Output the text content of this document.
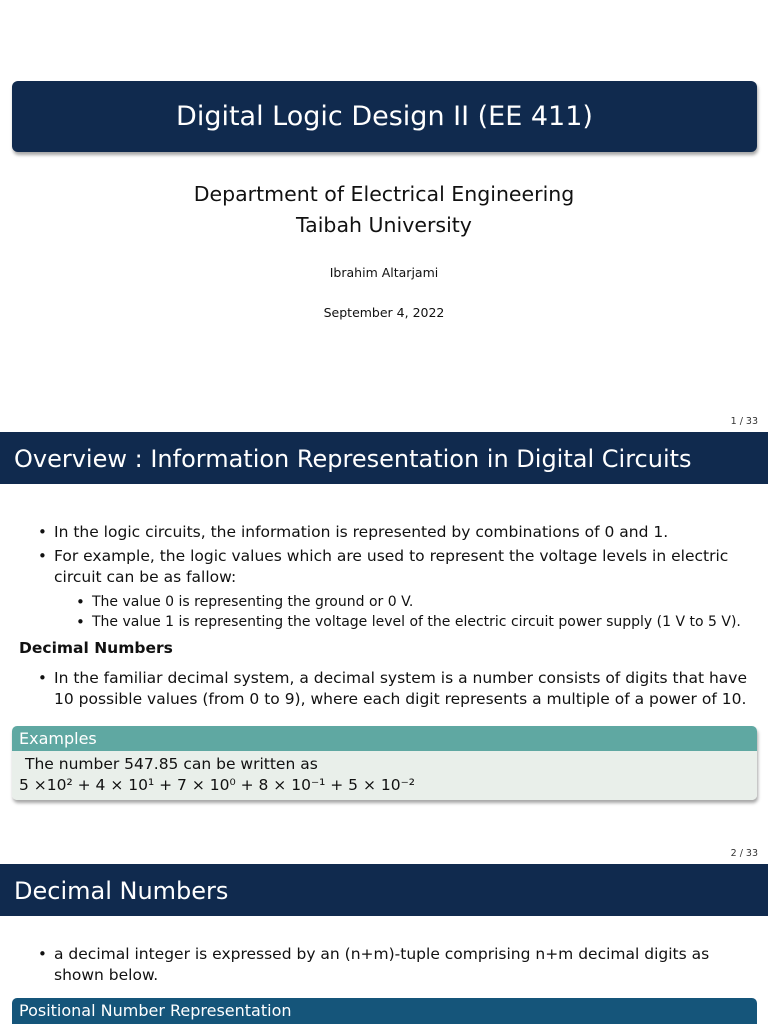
Digital Logic Design II (EE 411)
Department of Electrical Engineering
Taibah University
Ibrahim Altarjami
September 4, 2022
1 / 33
Overview : Information Representation in Digital Circuits
• In the logic circuits, the information is represented by combinations of 0 and 1.
• For example, the logic values which are used to represent the voltage levels in electric circuit can be as fallow:
• The value 0 is representing the ground or 0 V.
• The value 1 is representing the voltage level of the electric circuit power supply (1 V to 5 V).
Decimal Numbers
• In the familiar decimal system, a decimal system is a number consists of digits that have 10 possible values (from 0 to 9), where each digit represents a multiple of a power of 10.
Examples
The number 547.85 can be written as
5 ×10² + 4 × 10¹ + 7 × 10⁰ + 8 × 10⁻¹ + 5 × 10⁻²
2 / 33
Decimal Numbers
• a decimal integer is expressed by an (n+m)-tuple comprising n+m decimal digits as shown below.
Positional Number Representation
